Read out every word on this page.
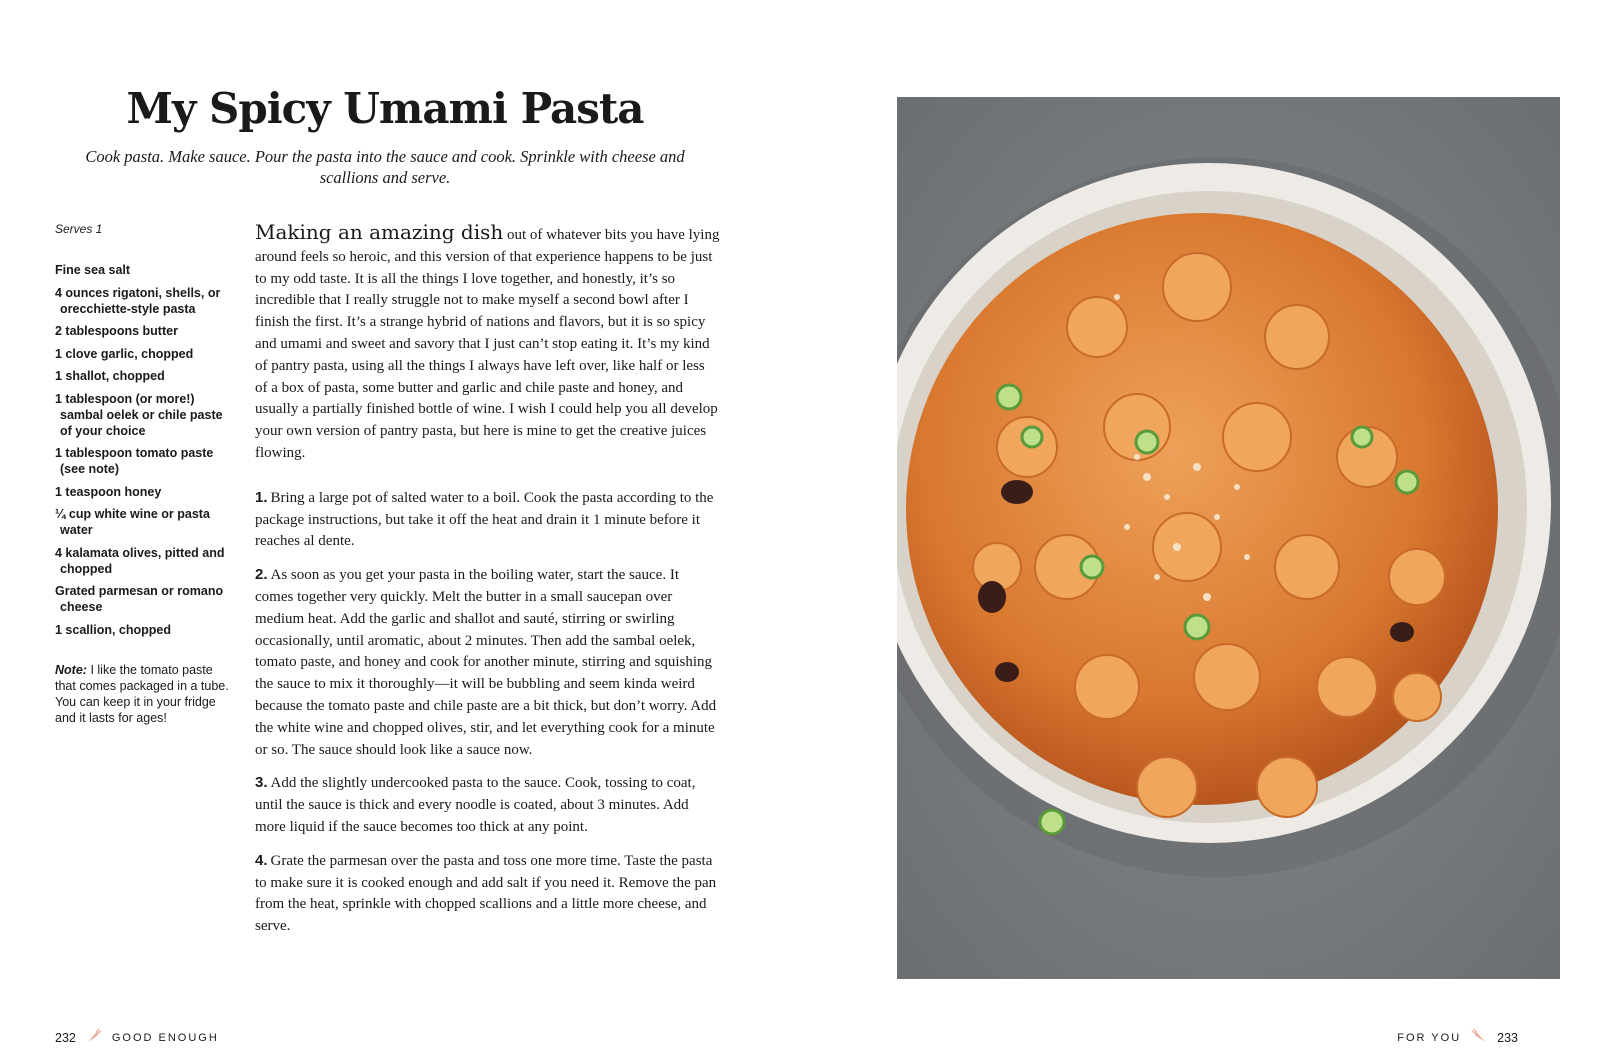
My Spicy Umami Pasta

Cook pasta. Make sauce. Pour the pasta into the sauce and cook. Sprinkle with cheese and scallions and serve.

Serves 1
Fine sea salt
4 ounces rigatoni, shells, or orecchiette-style pasta
2 tablespoons butter
1 clove garlic, chopped
1 shallot, chopped
1 tablespoon (or more!) sambal oelek or chile paste of your choice
1 tablespoon tomato paste (see note)
1 teaspoon honey
¼ cup white wine or pasta water
4 kalamata olives, pitted and chopped
Grated parmesan or romano cheese
1 scallion, chopped

Note: I like the tomato paste that comes packaged in a tube. You can keep it in your fridge and it lasts for ages!

Making an amazing dish out of whatever bits you have lying around feels so heroic, and this version of that experience happens to be just to my odd taste. It is all the things I love together, and honestly, it’s so incredible that I really struggle not to make myself a second bowl after I finish the first. It’s a strange hybrid of nations and flavors, but it is so spicy and umami and sweet and savory that I just can’t stop eating it. It’s my kind of pantry pasta, using all the things I always have left over, like half or less of a box of pasta, some butter and garlic and chile paste and honey, and usually a partially finished bottle of wine. I wish I could help you all develop your own version of pantry pasta, but here is mine to get the creative juices flowing.

1. Bring a large pot of salted water to a boil. Cook the pasta according to the package instructions, but take it off the heat and drain it 1 minute before it reaches al dente.

2. As soon as you get your pasta in the boiling water, start the sauce. It comes together very quickly. Melt the butter in a small saucepan over medium heat. Add the garlic and shallot and sauté, stirring or swirling occasionally, until aromatic, about 2 minutes. Then add the sambal oelek, tomato paste, and honey and cook for another minute, stirring and squishing the sauce to mix it thoroughly—it will be bubbling and seem kinda weird because the tomato paste and chile paste are a bit thick, but don’t worry. Add the white wine and chopped olives, stir, and let everything cook for a minute or so. The sauce should look like a sauce now.

3. Add the slightly undercooked pasta to the sauce. Cook, tossing to coat, until the sauce is thick and every noodle is coated, about 3 minutes. Add more liquid if the sauce becomes too thick at any point.

4. Grate the parmesan over the pasta and toss one more time. Taste the pasta to make sure it is cooked enough and add salt if you need it. Remove the pan from the heat, sprinkle with chopped scallions and a little more cheese, and serve.

232	GOOD ENOUGH	FOR YOU	233
